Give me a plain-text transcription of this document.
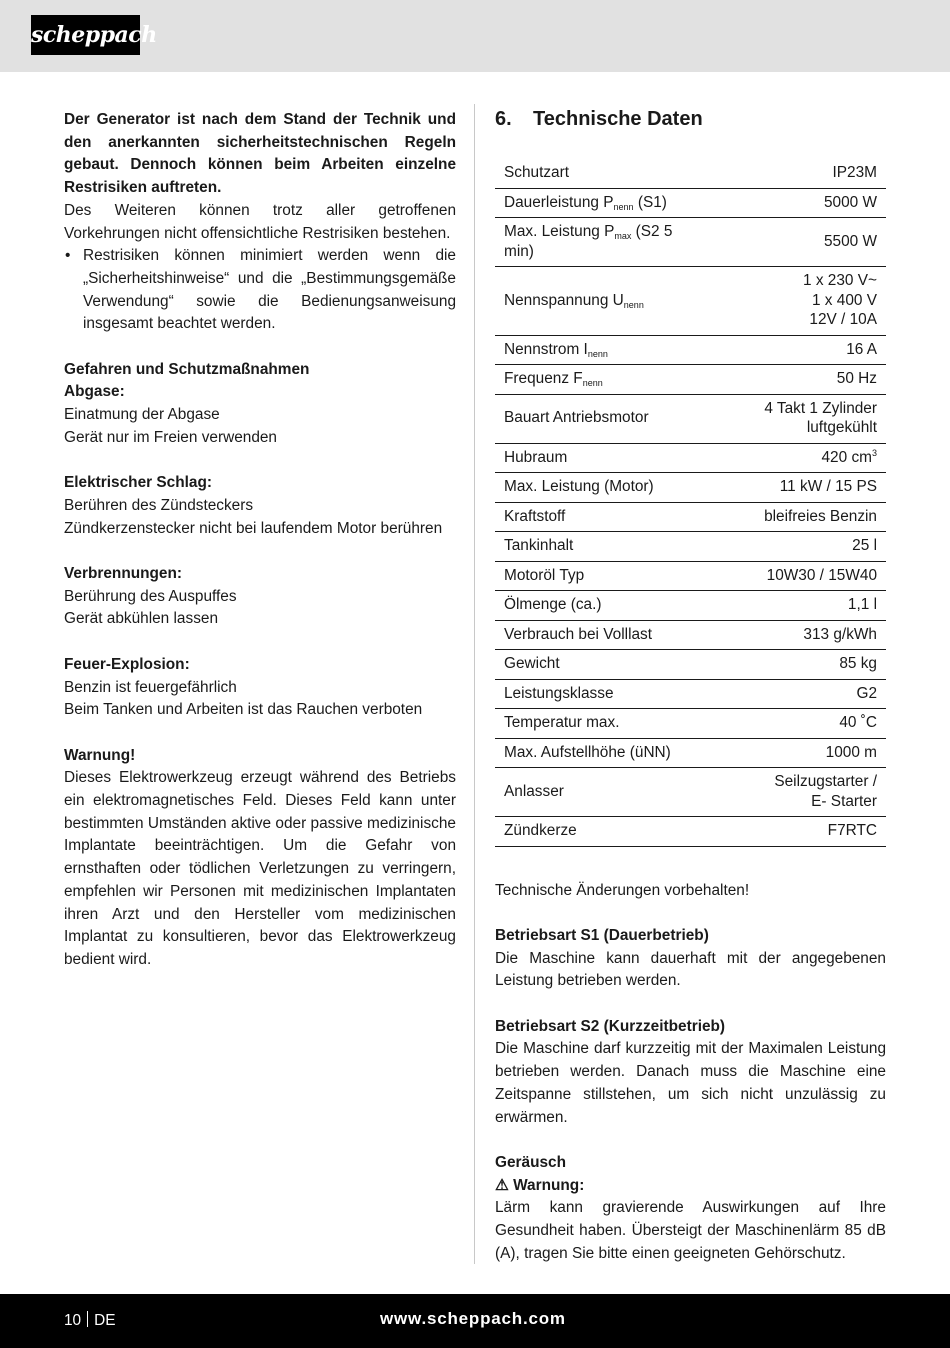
scheppach

Der Generator ist nach dem Stand der Technik und den anerkannten sicherheitstechnischen Regeln gebaut. Dennoch können beim Arbeiten einzelne Restrisiken auftreten.

Des Weiteren können trotz aller getroffenen Vorkehrungen nicht offensichtliche Restrisiken bestehen.

• Restrisiken können minimiert werden wenn die „Sicherheitshinweise“ und die „Bestimmungsgemäße Verwendung“ sowie die Bedienungsanweisung insgesamt beachtet werden.

Gefahren und Schutzmaßnahmen

Abgase:

Einatmung der Abgase

Gerät nur im Freien verwenden

Elektrischer Schlag:

Berühren des Zündsteckers

Zündkerzenstecker nicht bei laufendem Motor berühren

Verbrennungen:

Berührung des Auspuffes

Gerät abkühlen lassen

Feuer-Explosion:

Benzin ist feuergefährlich

Beim Tanken und Arbeiten ist das Rauchen verboten

Warnung!

Dieses Elektrowerkzeug erzeugt während des Betriebs ein elektromagnetisches Feld. Dieses Feld kann unter bestimmten Umständen aktive oder passive medizinische Implantate beeinträchtigen. Um die Gefahr von ernsthaften oder tödlichen Verletzungen zu verringern, empfehlen wir Personen mit medizinischen Implantaten ihren Arzt und den Hersteller vom medizinischen Implantat zu konsultieren, bevor das Elektrowerkzeug bedient wird.

6. Technische Daten
Schutzart	IP23M
Dauerleistung $P_{nenn}$ (S1)	5000 W
Max. Leistung $P_{max}$ (S2 5 min)	5500 W
Nennspannung $U_{nenn}$	1 x 230 V~
1 x 400 V
12V / 10A

Nennstrom $I_{nenn}$	16 A
Frequenz $F_{nenn}$	50 Hz
Bauart Antriebsmotor	4 Takt 1 Zylinder
luftgekühlt

Hubraum	420 $cm^3$
Max. Leistung (Motor)	11 kW / 15 PS
Kraftstoff	bleifreies Benzin
Tankinhalt	25 l
Motoröl Typ	10W30 / 15W40
Ölmenge (ca.)	1,1 l
Verbrauch bei Volllast	313 g/kWh
Gewicht	85 kg
Leistungsklasse	G2
Temperatur max.	40 ˚C
Max. Aufstellhöhe (üNN)	1000 m
Anlasser	Seilzugstarter /
E- Starter

Zündkerze	F7RTC

Technische Änderungen vorbehalten!

Betriebsart S1 (Dauerbetrieb)

Die Maschine kann dauerhaft mit der angegebenen Leistung betrieben werden.

Betriebsart S2 (Kurzzeitbetrieb)

Die Maschine darf kurzzeitig mit der Maximalen Leistung betrieben werden. Danach muss die Maschine eine Zeitspanne stillstehen, um sich nicht unzulässig zu erwärmen.

Geräusch

⚠ Warnung:

Lärm kann gravierende Auswirkungen auf Ihre Gesundheit haben. Übersteigt der Maschinenlärm 85 dB (A), tragen Sie bitte einen geeigneten Gehörschutz.

10 DE	www.scheppach.com
